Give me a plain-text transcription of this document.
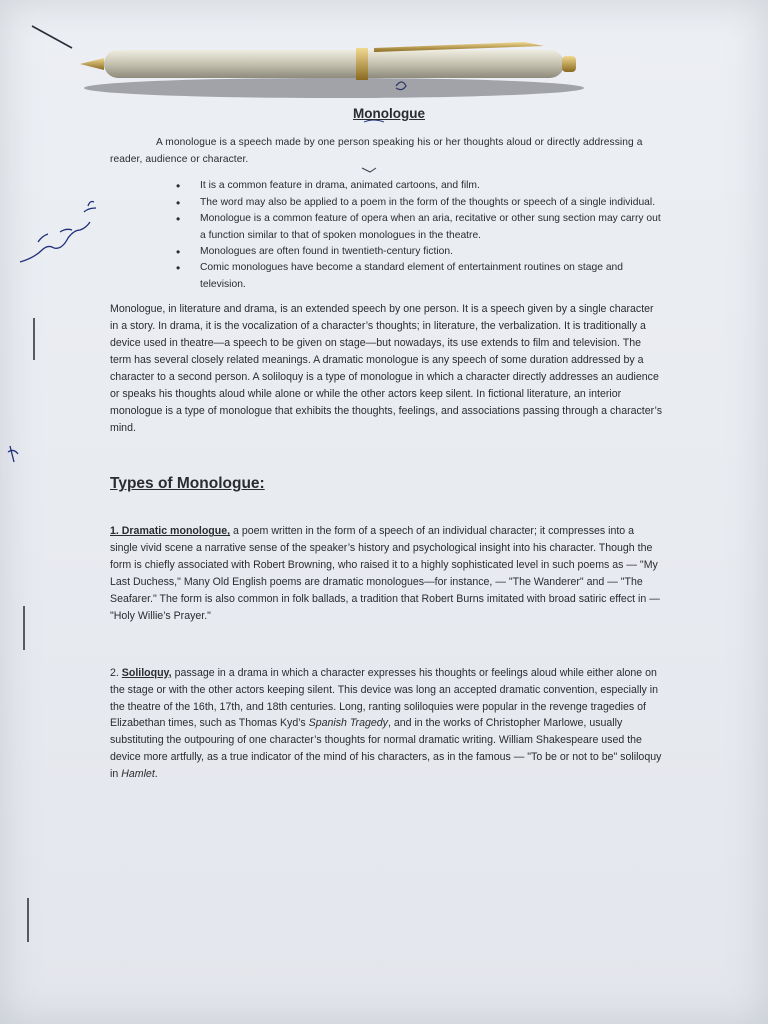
Monologue

A monologue is a speech made by one person speaking his or her thoughts aloud or directly addressing a reader, audience or character.

• It is a common feature in drama, animated cartoons, and film.
• The word may also be applied to a poem in the form of the thoughts or speech of a single individual.
• Monologue is a common feature of opera when an aria, recitative or other sung section may carry out a function similar to that of spoken monologues in the theatre.
• Monologues are often found in twentieth-century fiction.
• Comic monologues have become a standard element of entertainment routines on stage and television.

Monologue, in literature and drama, is an extended speech by one person. It is a speech given by a single character in a story. In drama, it is the vocalization of a character’s thoughts; in literature, the verbalization. It is traditionally a device used in theatre—a speech to be given on stage—but nowadays, its use extends to film and television. The term has several closely related meanings. A dramatic monologue is any speech of some duration addressed by a character to a second person. A soliloquy is a type of monologue in which a character directly addresses an audience or speaks his thoughts aloud while alone or while the other actors keep silent. In fictional literature, an interior monologue is a type of monologue that exhibits the thoughts, feelings, and associations passing through a character’s mind.

Types of Monologue:

1. Dramatic monologue, a poem written in the form of a speech of an individual character; it compresses into a single vivid scene a narrative sense of the speaker’s history and psychological insight into his character. Though the form is chiefly associated with Robert Browning, who raised it to a highly sophisticated level in such poems as — "My Last Duchess," Many Old English poems are dramatic monologues—for instance, — "The Wanderer" and — "The Seafarer." The form is also common in folk ballads, a tradition that Robert Burns imitated with broad satiric effect in — "Holy Willie’s Prayer."

2. Soliloquy, passage in a drama in which a character expresses his thoughts or feelings aloud while either alone on the stage or with the other actors keeping silent. This device was long an accepted dramatic convention, especially in the theatre of the 16th, 17th, and 18th centuries. Long, ranting soliloquies were popular in the revenge tragedies of Elizabethan times, such as Thomas Kyd’s Spanish Tragedy, and in the works of Christopher Marlowe, usually substituting the outpouring of one character’s thoughts for normal dramatic writing. William Shakespeare used the device more artfully, as a true indicator of the mind of his characters, as in the famous — "To be or not to be" soliloquy in Hamlet.
